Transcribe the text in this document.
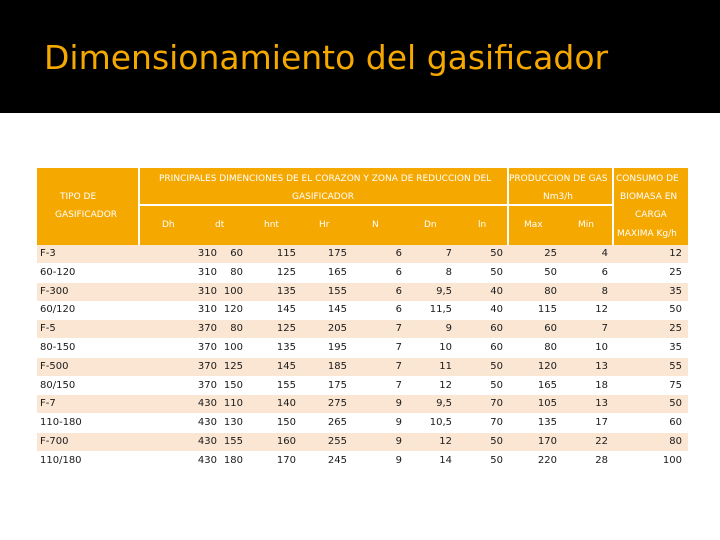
Dimensionamiento del gasificador
TIPO DE
GASIFICADOR
PRINCIPALES DIMENCIONES DE EL CORAZON Y ZONA DE REDUCCION DEL
GASIFICADOR
PRODUCCION DE GAS
Nm3/h
CONSUMO DE
BIOMASA EN
CARGA
MAXIMA Kg/h
Dh	dt	hnt	Hr	N	Dn	ln	Max	Min
F-3	310	60	115	175	6	7	50	25	4	12
60-120	310	80	125	165	6	8	50	50	6	25
F-300	310 100	135	155	6	9,5	40	80	8	35
60/120	310 120	145	145	6	11,5	40	115	12	50
F-5	370	80	125	205	7	9	60	60	7	25
80-150	370 100	135	195	7	10	60	80	10	35
F-500	370 125	145	185	7	11	50	120	13	55
80/150	370 150	155	175	7	12	50	165	18	75
F-7	430 110	140	275	9	9,5	70	105	13	50
110-180	430 130	150	265	9	10,5	70	135	17	60
F-700	430 155	160	255	9	12	50	170	22	80
110/180	430 180	170	245	9	14	50	220	28	100
